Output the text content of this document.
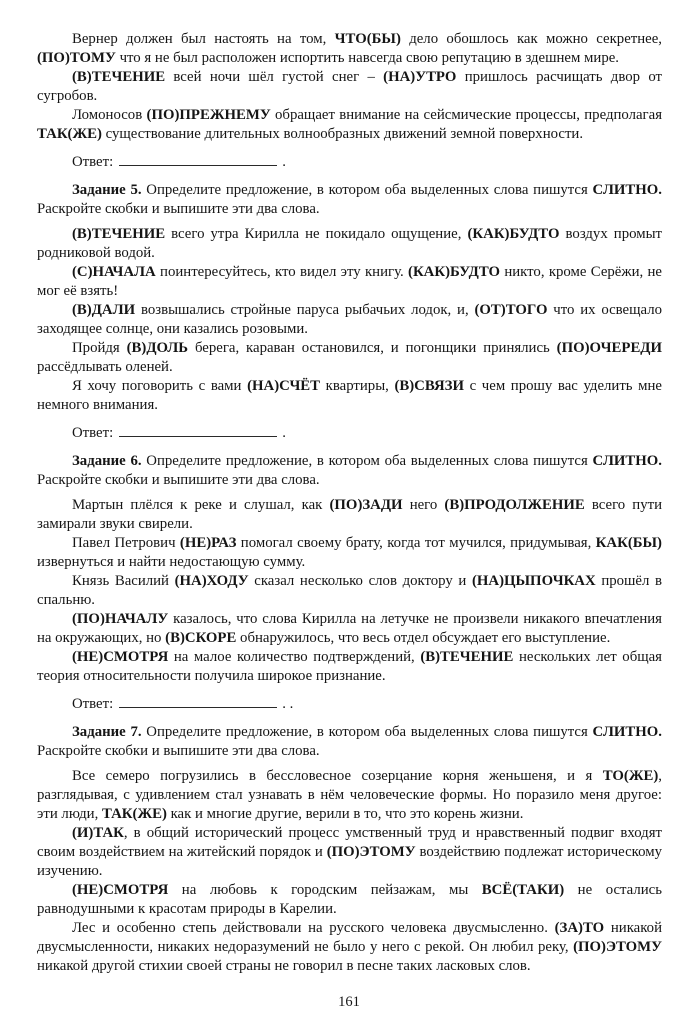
Вернер должен был настоять на том, ЧТО(БЫ) дело обошлось как можно секретнее, (ПО)ТОМУ что я не был расположен испортить навсегда свою репутацию в здешнем мире.

(В)ТЕЧЕНИЕ всей ночи шёл густой снег – (НА)УТРО пришлось расчищать двор от сугробов.

Ломоносов (ПО)ПРЕЖНЕМУ обращает внимание на сейсмические процессы, предполагая ТАК(ЖЕ) существование длительных волнообразных движений земной поверхности.

Ответ:	.

Задание 5. Определите предложение, в котором оба выделенных слова пишутся СЛИТНО. Раскройте скобки и выпишите эти два слова.

(В)ТЕЧЕНИЕ всего утра Кирилла не покидало ощущение, (КАК)БУДТО воздух промыт родниковой водой.

(С)НАЧАЛА поинтересуйтесь, кто видел эту книгу. (КАК)БУДТО никто, кроме Серёжи, не мог её взять!

(В)ДАЛИ возвышались стройные паруса рыбачьих лодок, и, (ОТ)ТОГО что их освещало заходящее солнце, они казались розовыми.

Пройдя (В)ДОЛЬ берега, караван остановился, и погонщики принялись (ПО)ОЧЕРЕДИ рассёдлывать оленей.

Я хочу поговорить с вами (НА)СЧЁТ квартиры, (В)СВЯЗИ с чем прошу вас уделить мне немного внимания.

Ответ:	.

Задание 6. Определите предложение, в котором оба выделенных слова пишутся СЛИТНО. Раскройте скобки и выпишите эти два слова.

Мартын плёлся к реке и слушал, как (ПО)ЗАДИ него (В)ПРОДОЛЖЕНИЕ всего пути замирали звуки свирели.

Павел Петрович (НЕ)РАЗ помогал своему брату, когда тот мучился, придумывая, КАК(БЫ) извернуться и найти недостающую сумму.

Князь Василий (НА)ХОДУ сказал несколько слов доктору и (НА)ЦЫПОЧКАХ прошёл в спальню.

(ПО)НАЧАЛУ казалось, что слова Кирилла на летучке не произвели никакого впечатления на окружающих, но (В)СКОРЕ обнаружилось, что весь отдел обсуждает его выступление.

(НЕ)СМОТРЯ на малое количество подтверждений, (В)ТЕЧЕНИЕ нескольких лет общая теория относительности получила широкое признание.

Ответ:	. .

Задание 7. Определите предложение, в котором оба выделенных слова пишутся СЛИТНО. Раскройте скобки и выпишите эти два слова.

Все семеро погрузились в бессловесное созерцание корня женьшеня, и я ТО(ЖЕ), разглядывая, с удивлением стал узнавать в нём человеческие формы. Но поразило меня другое: эти люди, ТАК(ЖЕ) как и многие другие, верили в то, что это корень жизни.

(И)ТАК, в общий исторический процесс умственный труд и нравственный подвиг входят своим воздействием на житейский порядок и (ПО)ЭТОМУ воздействию подлежат историческому изучению.

(НЕ)СМОТРЯ на любовь к городским пейзажам, мы ВСЁ(ТАКИ) не остались равнодушными к красотам природы в Карелии.

Лес и особенно степь действовали на русского человека двусмысленно. (ЗА)ТО никакой двусмысленности, никаких недоразумений не было у него с рекой. Он любил реку, (ПО)ЭТОМУ никакой другой стихии своей страны не говорил в песне таких ласковых слов.

161
